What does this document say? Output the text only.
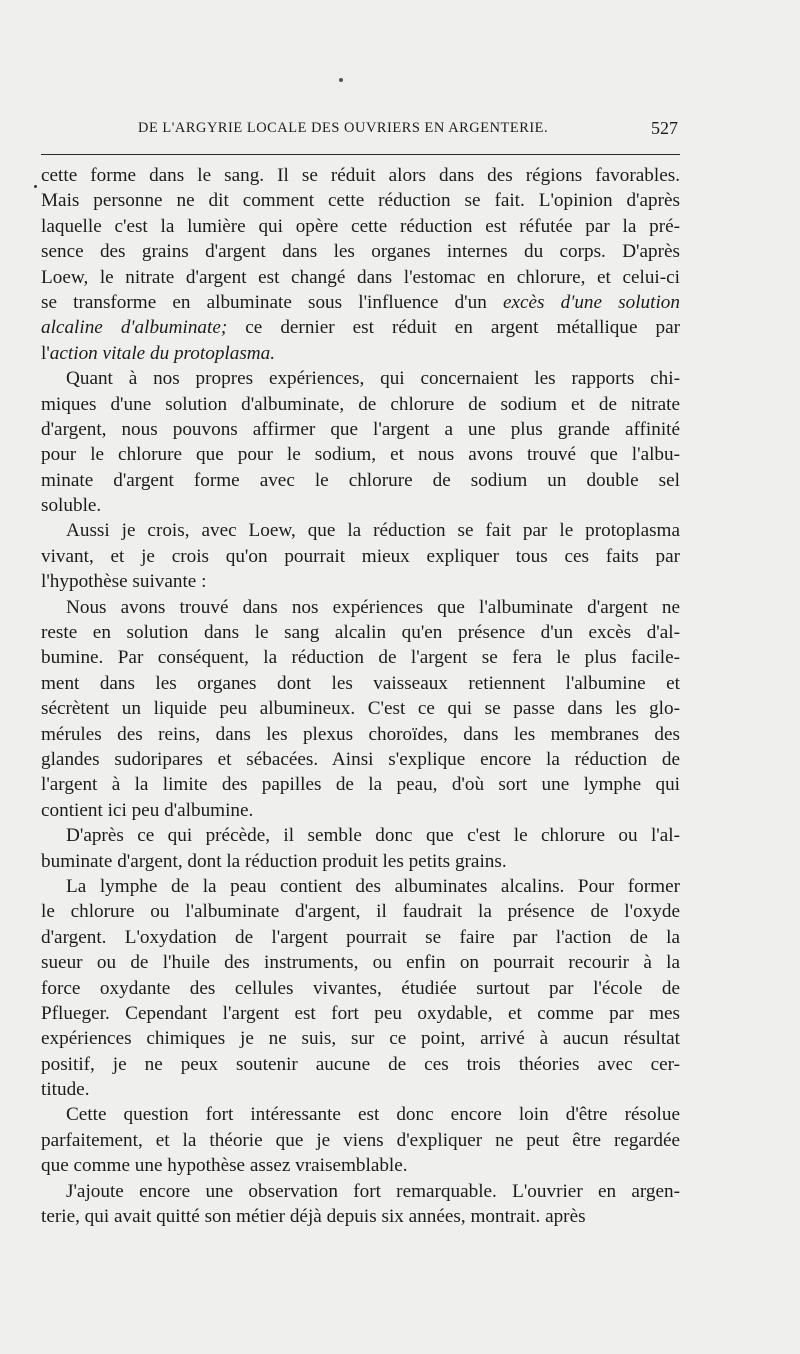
DE L'ARGYRIE LOCALE DES OUVRIERS EN ARGENTERIE.	527
cette forme dans le sang. Il se réduit alors dans des régions favorables.
Mais personne ne dit comment cette réduction se fait. L'opinion d'après
laquelle c'est la lumière qui opère cette réduction est réfutée par la pré-
sence des grains d'argent dans les organes internes du corps. D'après
Loew, le nitrate d'argent est changé dans l'estomac en chlorure, et celui-ci
se transforme en albuminate sous l'influence d'un excès d'une solution
alcaline d'albuminate; ce dernier est réduit en argent métallique par
l'action vitale du protoplasma.
Quant à nos propres expériences, qui concernaient les rapports chi-
miques d'une solution d'albuminate, de chlorure de sodium et de nitrate
d'argent, nous pouvons affirmer que l'argent a une plus grande affinité
pour le chlorure que pour le sodium, et nous avons trouvé que l'albu-
minate d'argent forme avec le chlorure de sodium un double sel
soluble.
Aussi je crois, avec Loew, que la réduction se fait par le protoplasma
vivant, et je crois qu'on pourrait mieux expliquer tous ces faits par
l'hypothèse suivante :
Nous avons trouvé dans nos expériences que l'albuminate d'argent ne
reste en solution dans le sang alcalin qu'en présence d'un excès d'al-
bumine. Par conséquent, la réduction de l'argent se fera le plus facile-
ment dans les organes dont les vaisseaux retiennent l'albumine et
sécrètent un liquide peu albumineux. C'est ce qui se passe dans les glo-
mérules des reins, dans les plexus choroïdes, dans les membranes des
glandes sudoripares et sébacées. Ainsi s'explique encore la réduction de
l'argent à la limite des papilles de la peau, d'où sort une lymphe qui
contient ici peu d'albumine.
D'après ce qui précède, il semble donc que c'est le chlorure ou l'al-
buminate d'argent, dont la réduction produit les petits grains.
La lymphe de la peau contient des albuminates alcalins. Pour former
le chlorure ou l'albuminate d'argent, il faudrait la présence de l'oxyde
d'argent. L'oxydation de l'argent pourrait se faire par l'action de la
sueur ou de l'huile des instruments, ou enfin on pourrait recourir à la
force oxydante des cellules vivantes, étudiée surtout par l'école de
Pflueger. Cependant l'argent est fort peu oxydable, et comme par mes
expériences chimiques je ne suis, sur ce point, arrivé à aucun résultat
positif, je ne peux soutenir aucune de ces trois théories avec cer-
titude.
Cette question fort intéressante est donc encore loin d'être résolue
parfaitement, et la théorie que je viens d'expliquer ne peut être regardée
que comme une hypothèse assez vraisemblable.
J'ajoute encore une observation fort remarquable. L'ouvrier en argen-
terie, qui avait quitté son métier déjà depuis six années, montrait. après
